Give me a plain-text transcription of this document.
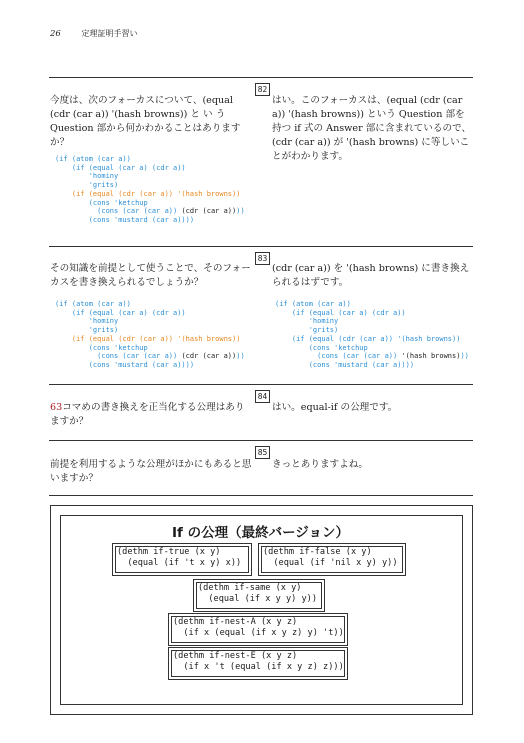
26	定理証明手習い
82
今度は、次のフォーカスについて、(equal (cdr (car a)) '(hash browns)) と い う Question 部から何かわかることはありますか？
はい。このフォーカスは、(equal (cdr (car a)) '(hash browns)) という Question 部を持つ if 式の Answer 部に含まれているので、(cdr (car a)) が '(hash browns) に等しいことがわかります。
(if (atom (car a))
(if (equal (car a) (cdr a))
'hominy
'grits)
(if (equal (cdr (car a)) '(hash browns))
(cons 'ketchup
(cons (car (car a)) (cdr (car a))))
(cons 'mustard (car a))))
83
その知識を前提として使うことで、そのフォーカスを書き換えられるでしょうか？
(cdr (car a)) を '(hash browns) に書き換えられるはずです。
(if (atom (car a))
(if (equal (car a) (cdr a))
'hominy
'grits)
(if (equal (cdr (car a)) '(hash browns))
(cons 'ketchup
(cons (car (car a)) (cdr (car a))))
(cons 'mustard (car a))))
(if (atom (car a))
(if (equal (car a) (cdr a))
'hominy
'grits)
(if (equal (cdr (car a)) '(hash browns))
(cons 'ketchup
(cons (car (car a)) '(hash browns)))
(cons 'mustard (car a))))
84
63コマめの書き換えを正当化する公理はありますか？
はい。equal-if の公理です。
85
前提を利用するような公理がほかにもあると思いますか？
きっとありますよね。
If の公理（最終バージョン）
(dethm if-true (x y)
(equal (if 't x y) x))
(dethm if-false (x y)
(equal (if 'nil x y) y))
(dethm if-same (x y)
(equal (if x y y) y))
(dethm if-nest-A (x y z)
(if x (equal (if x y z) y) 't))
(dethm if-nest-E (x y z)
(if x 't (equal (if x y z) z)))
